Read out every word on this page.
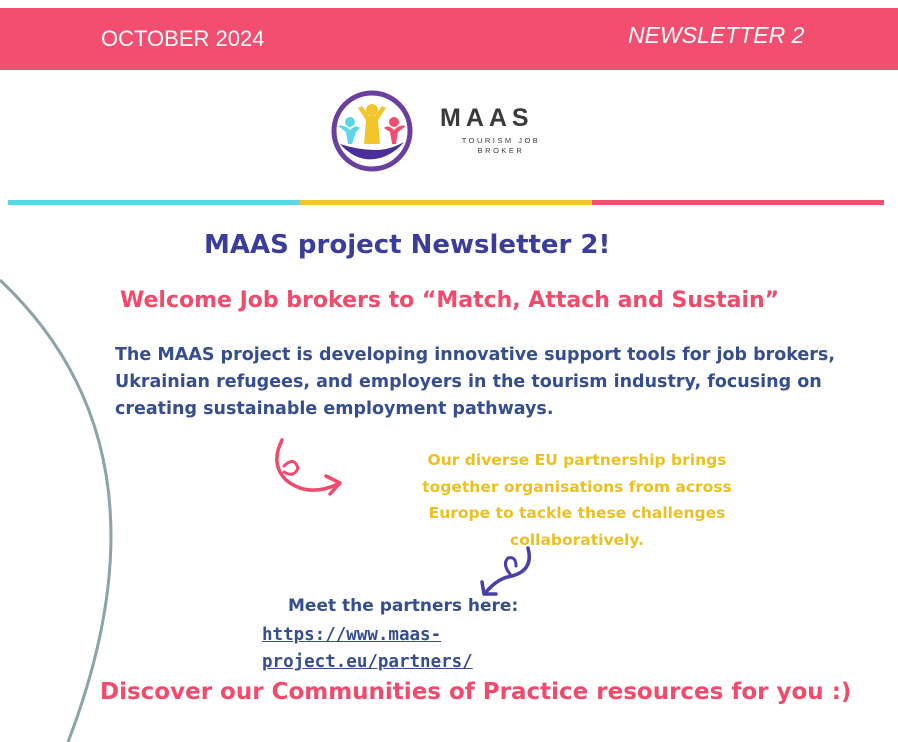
OCTOBER 2024	NEWSLETTER 2
MAAS
TOURISM JOB BROKER
MAAS project Newsletter 2!
Welcome Job brokers to “Match, Attach and Sustain”
The MAAS project is developing innovative support tools for job brokers, Ukrainian refugees, and employers in the tourism industry, focusing on creating sustainable employment pathways.
Our diverse EU partnership brings together organisations from across Europe to tackle these challenges collaboratively.
Meet the partners here:
https://www.maas-project.eu/partners/
Discover our Communities of Practice resources for you :)
